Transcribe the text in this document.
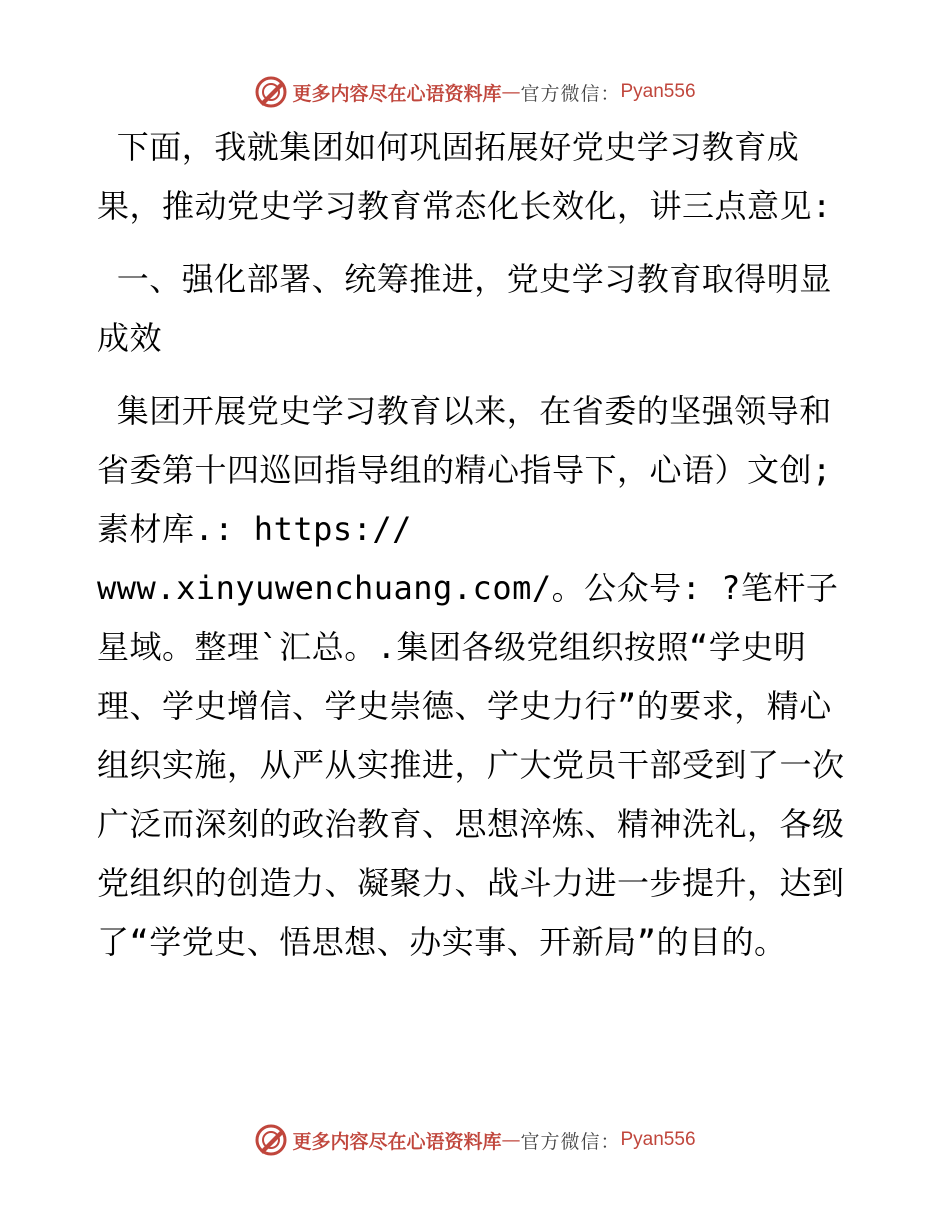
更多内容尽在心语资料库 — 官方微信： Pyan556

下面，我就集团如何巩固拓展好党史学习教育成果，推动党史学习教育常态化长效化，讲三点意见:

一、强化部署、统筹推进，党史学习教育取得明显成效

集团开展党史学习教育以来，在省委的坚强领导和省委第十四巡回指导组的精心指导下，心语）文创;素材库.: https://
www.xinyuwenchuang.com/。公众号: ?笔杆子星域。整理`汇总。.集团各级党组织按照“学史明理、学史增信、学史崇德、学史力行”的要求，精心组织实施，从严从实推进，广大党员干部受到了一次广泛而深刻的政治教育、思想淬炼、精神洗礼，各级党组织的创造力、凝聚力、战斗力进一步提升，达到了“学党史、悟思想、办实事、开新局”的目的。

更多内容尽在心语资料库 — 官方微信： Pyan556
